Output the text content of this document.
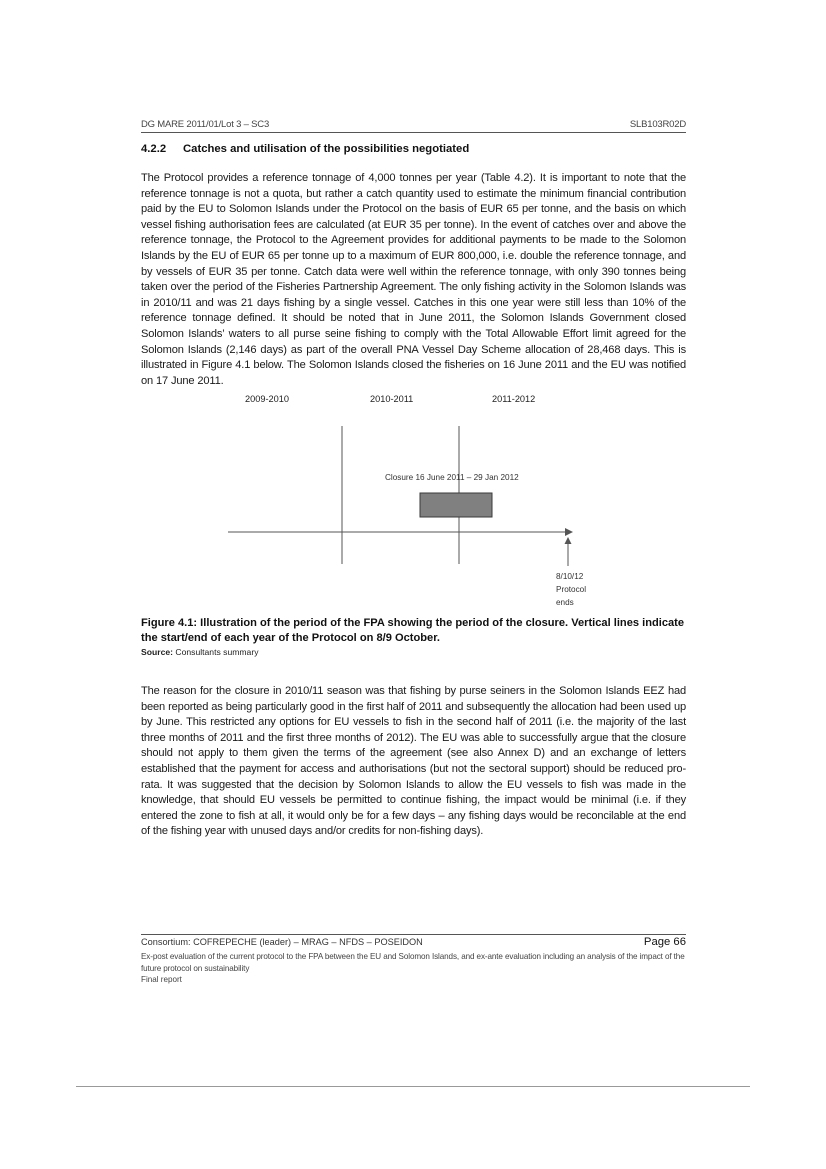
DG MARE 2011/01/Lot 3 – SC3	SLB103R02D
4.2.2 Catches and utilisation of the possibilities negotiated

The Protocol provides a reference tonnage of 4,000 tonnes per year (Table 4.2). It is important to note that the reference tonnage is not a quota, but rather a catch quantity used to estimate the minimum financial contribution paid by the EU to Solomon Islands under the Protocol on the basis of EUR 65 per tonne, and the basis on which vessel fishing authorisation fees are calculated (at EUR 35 per tonne). In the event of catches over and above the reference tonnage, the Protocol to the Agreement provides for additional payments to be made to the Solomon Islands by the EU of EUR 65 per tonne up to a maximum of EUR 800,000, i.e. double the reference tonnage, and by vessels of EUR 35 per tonne. Catch data were well within the reference tonnage, with only 390 tonnes being taken over the period of the Fisheries Partnership Agreement. The only fishing activity in the Solomon Islands was in 2010/11 and was 21 days fishing by a single vessel. Catches in this one year were still less than 10% of the reference tonnage defined. It should be noted that in June 2011, the Solomon Islands Government closed Solomon Islands’ waters to all purse seine fishing to comply with the Total Allowable Effort limit agreed for the Solomon Islands (2,146 days) as part of the overall PNA Vessel Day Scheme allocation of 28,468 days. This is illustrated in Figure 4.1 below. The Solomon Islands closed the fisheries on 16 June 2011 and the EU was notified on 17 June 2011.

2009-2010	2010-2011	2011-2012
Closure 16 June 2011 – 29 Jan 2012
8/10/12
Protocol
ends
Figure 4.1: Illustration of the period of the FPA showing the period of the closure. Vertical lines indicate the start/end of each year of the Protocol on 8/9 October.
Source: Consultants summary

The reason for the closure in 2010/11 season was that fishing by purse seiners in the Solomon Islands EEZ had been reported as being particularly good in the first half of 2011 and subsequently the allocation had been used up by June. This restricted any options for EU vessels to fish in the second half of 2011 (i.e. the majority of the last three months of 2011 and the first three months of 2012). The EU was able to successfully argue that the closure should not apply to them given the terms of the agreement (see also Annex D) and an exchange of letters established that the payment for access and authorisations (but not the sectoral support) should be reduced pro-rata. It was suggested that the decision by Solomon Islands to allow the EU vessels to fish was made in the knowledge, that should EU vessels be permitted to continue fishing, the impact would be minimal (i.e. if they entered the zone to fish at all, it would only be for a few days – any fishing days would be reconcilable at the end of the fishing year with unused days and/or credits for non-fishing days).

Consortium: COFREPECHE (leader) – MRAG – NFDS – POSEIDON	Page 66
Ex-post evaluation of the current protocol to the FPA between the EU and Solomon Islands, and ex-ante evaluation including an analysis of the impact of the future protocol on sustainability
Final report
